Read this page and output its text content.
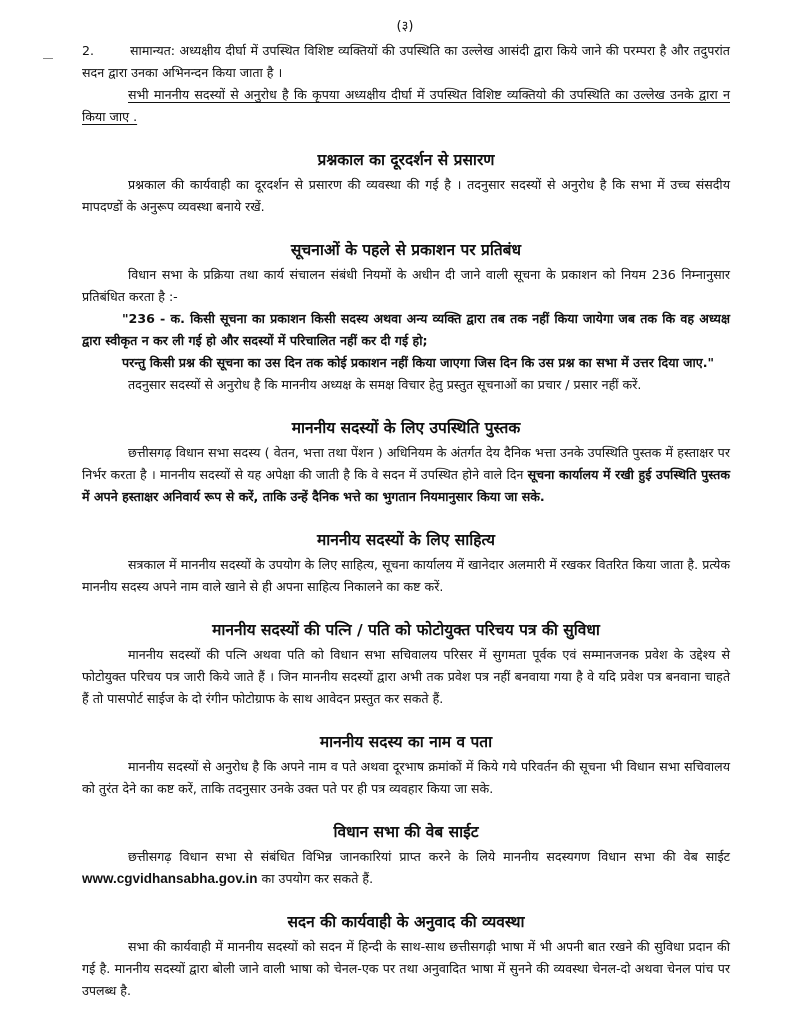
(३)

2.	सामान्यत: अध्यक्षीय दीर्घा में उपस्थित विशिष्ट व्यक्तियों की उपस्थिति का उल्लेख आसंदी द्वारा किये जाने की परम्परा है और तदुपरांत सदन द्वारा उनका अभिनन्दन किया जाता है ।

सभी माननीय सदस्यों से अनुरोध है कि कृपया अध्यक्षीय दीर्घा में उपस्थित विशिष्ट व्यक्तियो की उपस्थिति का उल्लेख उनके द्वारा न किया जाए .

प्रश्नकाल का दूरदर्शन से प्रसारण

प्रश्नकाल की कार्यवाही का दूरदर्शन से प्रसारण की व्यवस्था की गई है । तदनुसार सदस्यों से अनुरोध है कि सभा में उच्च संसदीय मापदण्डों के अनुरूप व्यवस्था बनाये रखें.

सूचनाओं के पहले से प्रकाशन पर प्रतिबंध

विधान सभा के प्रक्रिया तथा कार्य संचालन संबंधी नियमों के अधीन दी जाने वाली सूचना के प्रकाशन को नियम 236 निम्नानुसार प्रतिबंधित करता है :-

"236 - क. किसी सूचना का प्रकाशन किसी सदस्य अथवा अन्य व्यक्ति द्वारा तब तक नहीं किया जायेगा जब तक कि वह अध्यक्ष द्वारा स्वीकृत न कर ली गई हो और सदस्यों में परिचालित नहीं कर दी गई हो;

परन्तु किसी प्रश्न की सूचना का उस दिन तक कोई प्रकाशन नहीं किया जाएगा जिस दिन कि उस प्रश्न का सभा में उत्तर दिया जाए."

तदनुसार सदस्यों से अनुरोध है कि माननीय अध्यक्ष के समक्ष विचार हेतु प्रस्तुत सूचनाओं का प्रचार / प्रसार नहीं करें.

माननीय सदस्यों के लिए उपस्थिति पुस्तक

छत्तीसगढ़ विधान सभा सदस्य ( वेतन, भत्ता तथा पेंशन ) अधिनियम के अंतर्गत देय दैनिक भत्ता उनके उपस्थिति पुस्तक में हस्ताक्षर पर निर्भर करता है । माननीय सदस्यों से यह अपेक्षा की जाती है कि वे सदन में उपस्थित होने वाले दिन सूचना कार्यालय में रखी हुई उपस्थिति पुस्तक में अपने हस्ताक्षर अनिवार्य रूप से करें, ताकि उन्हें दैनिक भत्ते का भुगतान नियमानुसार किया जा सके.

माननीय सदस्यों के लिए साहित्य

सत्रकाल में माननीय सदस्यों के उपयोग के लिए साहित्य, सूचना कार्यालय में खानेदार अलमारी में रखकर वितरित किया जाता है. प्रत्येक माननीय सदस्य अपने नाम वाले खाने से ही अपना साहित्य निकालने का कष्ट करें.

माननीय सदस्यों की पत्नि / पति को फोटोयुक्त परिचय पत्र की सुविधा

माननीय सदस्यों की पत्नि अथवा पति को विधान सभा सचिवालय परिसर में सुगमता पूर्वक एवं सम्मानजनक प्रवेश के उद्देश्य से फोटोयुक्त परिचय पत्र जारी किये जाते हैं । जिन माननीय सदस्यों द्वारा अभी तक प्रवेश पत्र नहीं बनवाया गया है वे यदि प्रवेश पत्र बनवाना चाहते हैं तो पासपोर्ट साईज के दो रंगीन फोटोग्राफ के साथ आवेदन प्रस्तुत कर सकते हैं.

माननीय सदस्य का नाम व पता

माननीय सदस्यों से अनुरोध है कि अपने नाम व पते अथवा दूरभाष क्रमांकों में किये गये परिवर्तन की सूचना भी विधान सभा सचिवालय को तुरंत देने का कष्ट करें, ताकि तदनुसार उनके उक्त पते पर ही पत्र व्यवहार किया जा सके.

विधान सभा की वेब साईट

छत्तीसगढ़ विधान सभा से संबंधित विभिन्न जानकारियां प्राप्त करने के लिये माननीय सदस्यगण विधान सभा की वेब साईट www.cgvidhansabha.gov.in का उपयोग कर सकते हैं.

सदन की कार्यवाही के अनुवाद की व्यवस्था

सभा की कार्यवाही में माननीय सदस्यों को सदन में हिन्दी के साथ-साथ छत्तीसगढ़ी भाषा में भी अपनी बात रखने की सुविधा प्रदान की गई है. माननीय सदस्यों द्वारा बोली जाने वाली भाषा को चेनल-एक पर तथा अनुवादित भाषा में सुनने की व्यवस्था चेनल-दो अथवा चेनल पांच पर उपलब्ध है.
